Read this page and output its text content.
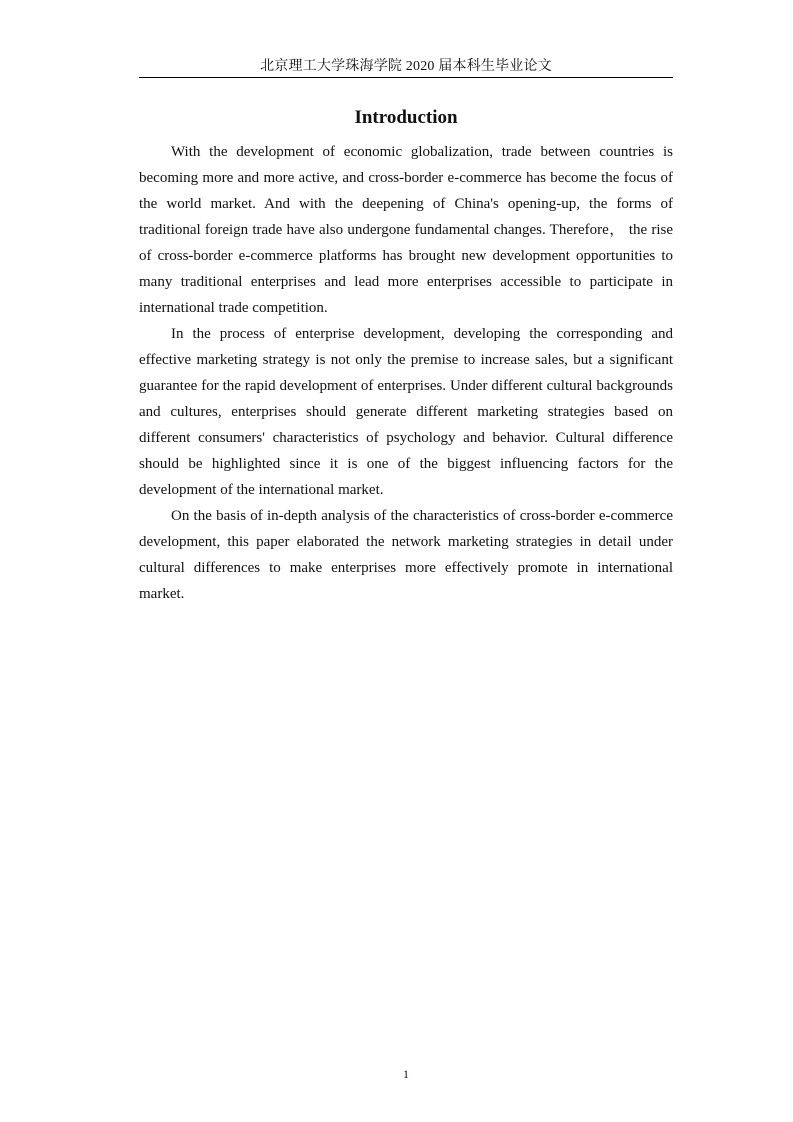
北京理工大学珠海学院 2020 届本科生毕业论文
Introduction

With the development of economic globalization, trade between countries is becoming more and more active, and cross-border e-commerce has become the focus of the world market. And with the deepening of China's opening-up, the forms of traditional foreign trade have also undergone fundamental changes. Therefore， the rise of cross-border e-commerce platforms has brought new development opportunities to many traditional enterprises and lead more enterprises accessible to participate in international trade competition.

In the process of enterprise development, developing the corresponding and effective marketing strategy is not only the premise to increase sales, but a significant guarantee for the rapid development of enterprises. Under different cultural backgrounds and cultures, enterprises should generate different marketing strategies based on different consumers' characteristics of psychology and behavior. Cultural difference should be highlighted since it is one of the biggest influencing factors for the development of the international market.

On the basis of in-depth analysis of the characteristics of cross-border e-commerce development, this paper elaborated the network marketing strategies in detail under cultural differences to make enterprises more effectively promote in international market.

1
